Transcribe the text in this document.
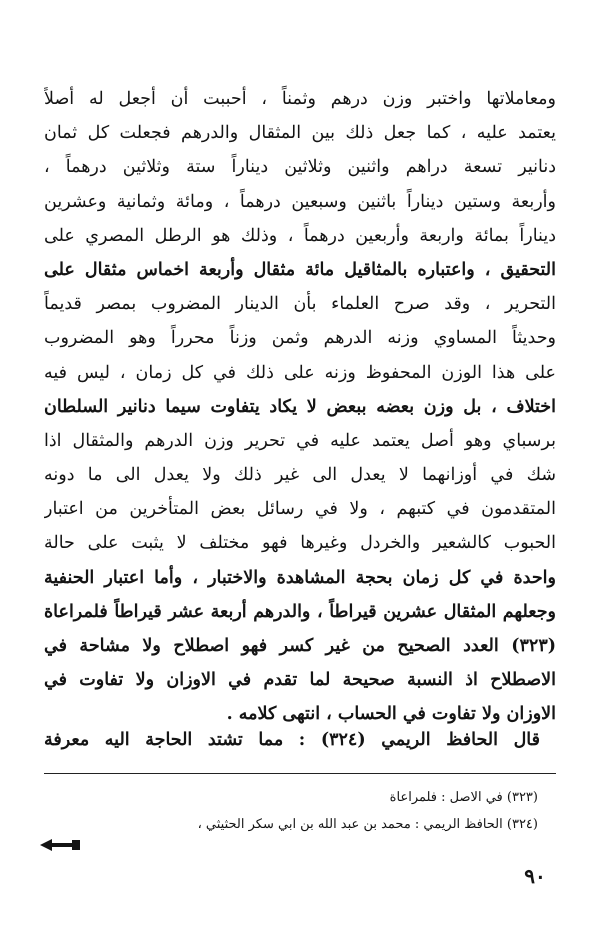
ومعاملاتها واختبر وزن درهم وثمناً ، أحببت أن أجعل له أصلاً
يعتمد عليه ، كما جعل ذلك بين المثقال والدرهم فجعلت كل ثمان
دنانير تسعة دراهم واثنين وثلاثين ديناراً ستة وثلاثين درهماً ،
وأربعة وستين ديناراً باثنين وسبعين درهماً ، ومائة وثمانية وعشرين
ديناراً بمائة واربعة وأربعين درهماً ، وذلك هو الرطل المصري على
التحقيق ، واعتباره بالمثاقيل مائة مثقال وأربعة اخماس مثقال على
التحرير ، وقد صرح العلماء بأن الدينار المضروب بمصر قديماً
وحديثاً المساوي وزنه الدرهم وثمن وزناً محرراً وهو المضروب
على هذا الوزن المحفوظ وزنه على ذلك في كل زمان ، ليس فيه
اختلاف ، بل وزن بعضه ببعض لا يكاد يتفاوت سيما دنانير السلطان
برسباي وهو أصل يعتمد عليه في تحرير وزن الدرهم والمثقال اذا
شك في أوزانهما لا يعدل الى غير ذلك ولا يعدل الى ما دونه
المتقدمون في كتبهم ، ولا في رسائل بعض المتأخرين من اعتبار
الحبوب كالشعير والخردل وغيرها فهو مختلف لا يثبت على حالة
واحدة في كل زمان بحجة المشاهدة والاختبار ، وأما اعتبار الحنفية
وجعلهم المثقال عشرين قيراطاً ، والدرهم أربعة عشر قيراطاً فلمراعاة
(٣٢٣) العدد الصحيح من غير كسر فهو اصطلاح ولا مشاحة في
الاصطلاح اذ النسبة صحيحة لما تقدم في الاوزان ولا تفاوت في
الاوزان ولا تفاوت في الحساب ، انتهى كلامه .
قال الحافظ الريمي (٣٢٤) : مما تشتد الحاجة اليه معرفة
(٣٢٣) في الاصل : فلمراعاة
(٣٢٤) الحافظ الريمي : محمد بن عبد الله بن ابي سكر الحثيثي ،
٩٠
